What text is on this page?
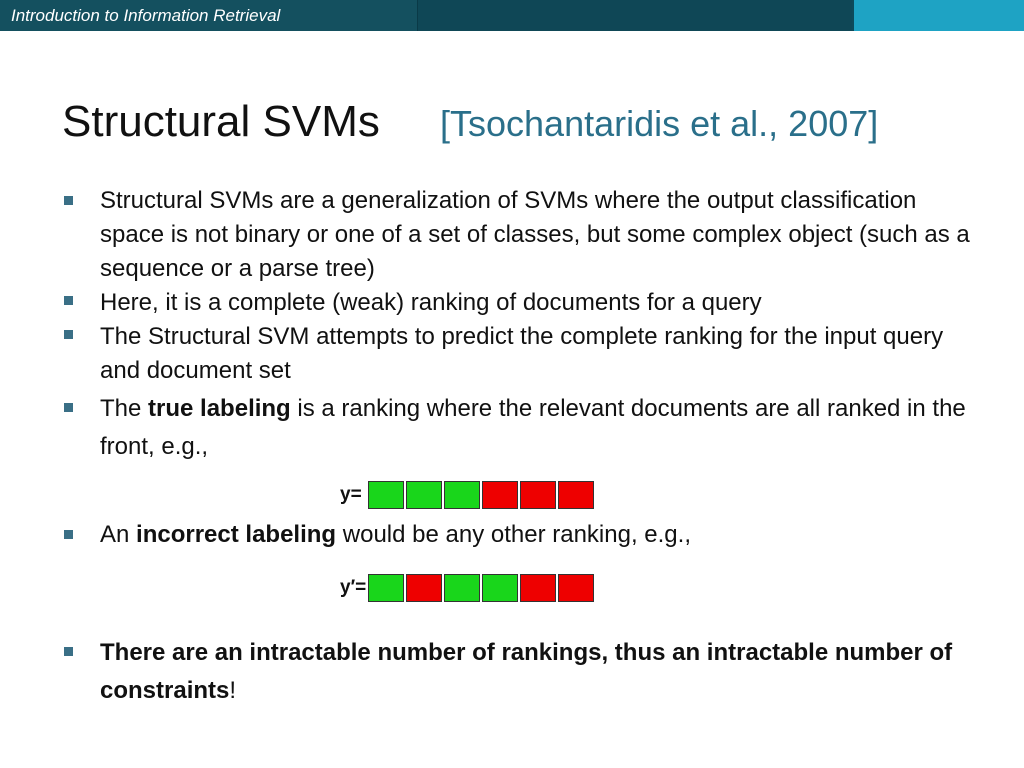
Introduction to Information Retrieval
Structural SVMs [Tsochantaridis et al., 2007]
Structural SVMs are a generalization of SVMs where the output classification space is not binary or one of a set of classes, but some complex object (such as a sequence or a parse tree)
Here, it is a complete (weak) ranking of documents for a query
The Structural SVM attempts to predict the complete ranking for the input query and document set
The true labeling is a ranking where the relevant documents are all ranked in the front, e.g.,
y=
An incorrect labeling would be any other ranking, e.g.,
y′=
There are an intractable number of rankings, thus an intractable number of constraints!
